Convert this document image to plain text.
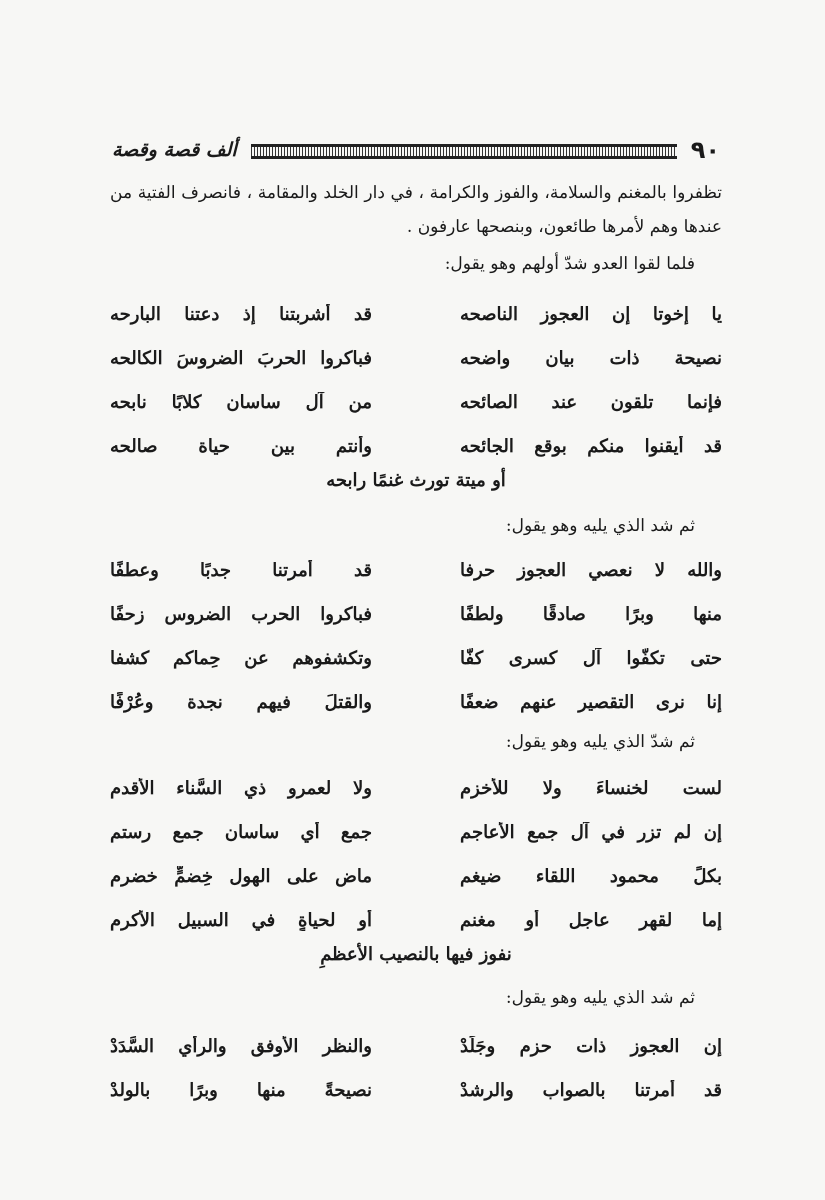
٩٠
ألف قصة وقصة
تظفروا بالمغنم والسلامة، والفوز والكرامة ، في دار الخلد والمقامة ، فانصرف الفتية من عندها وهم لأمرها طائعون، وبنصحها عارفون .
فلما لقوا العدو شدّ أولهم وهو يقول:
يا إخوتا إن العجوز الناصحه
قد أشربتنا إذ دعتنا البارحه
نصيحة ذات بيان واضحه
فباكروا الحربَ الضروسَ الكالحه
فإنما تلقون عند الصائحه
من آل ساسان كلابًا نابحه
قد أيقنوا منكم بوقع الجائحه
وأنتم بين حياة صالحه
أو ميتة تورث غنمًا رابحه
ثم شد الذي يليه وهو يقول:
والله لا نعصي العجوز حرفا
قد أمرتنا جدبًا وعطفًا
منها وبرًا صادقًا ولطفًا
فباكروا الحرب الضروس زحفًا
حتى تكفّوا آل كسرى كفّا
وتكشفوهم عن حِماكم كشفا
إنا نرى التقصير عنهم ضعفًا
والقتلَ فيهم نجدة وعُرْفًا
ثم شدّ الذي يليه وهو يقول:
لست لخنساءَ ولا للأخزم
ولا لعمرو ذي السَّناء الأقدمِ
إن لم تزر في آل جمع الأعاجم
جمع أي ساسان جمعِ رستم
بكلٍّ محمود اللقاء ضيغم
ماضٍ على الهول خِضمٍّ خضرمِ
إما لقهر عاجل أو مغنمٍ
أو لحياةٍ في السبيل الأكرمِ
نفوز فيها بالنصيب الأعظمِ
ثم شد الذي يليه وهو يقول:
إن العجوز ذات حزم وجَلَدْ
والنظر الأوفق والرأي السَّدَدْ
قد أمرتنا بالصواب والرشدْ
نصيحةً منها وبرًا بالولدْ
